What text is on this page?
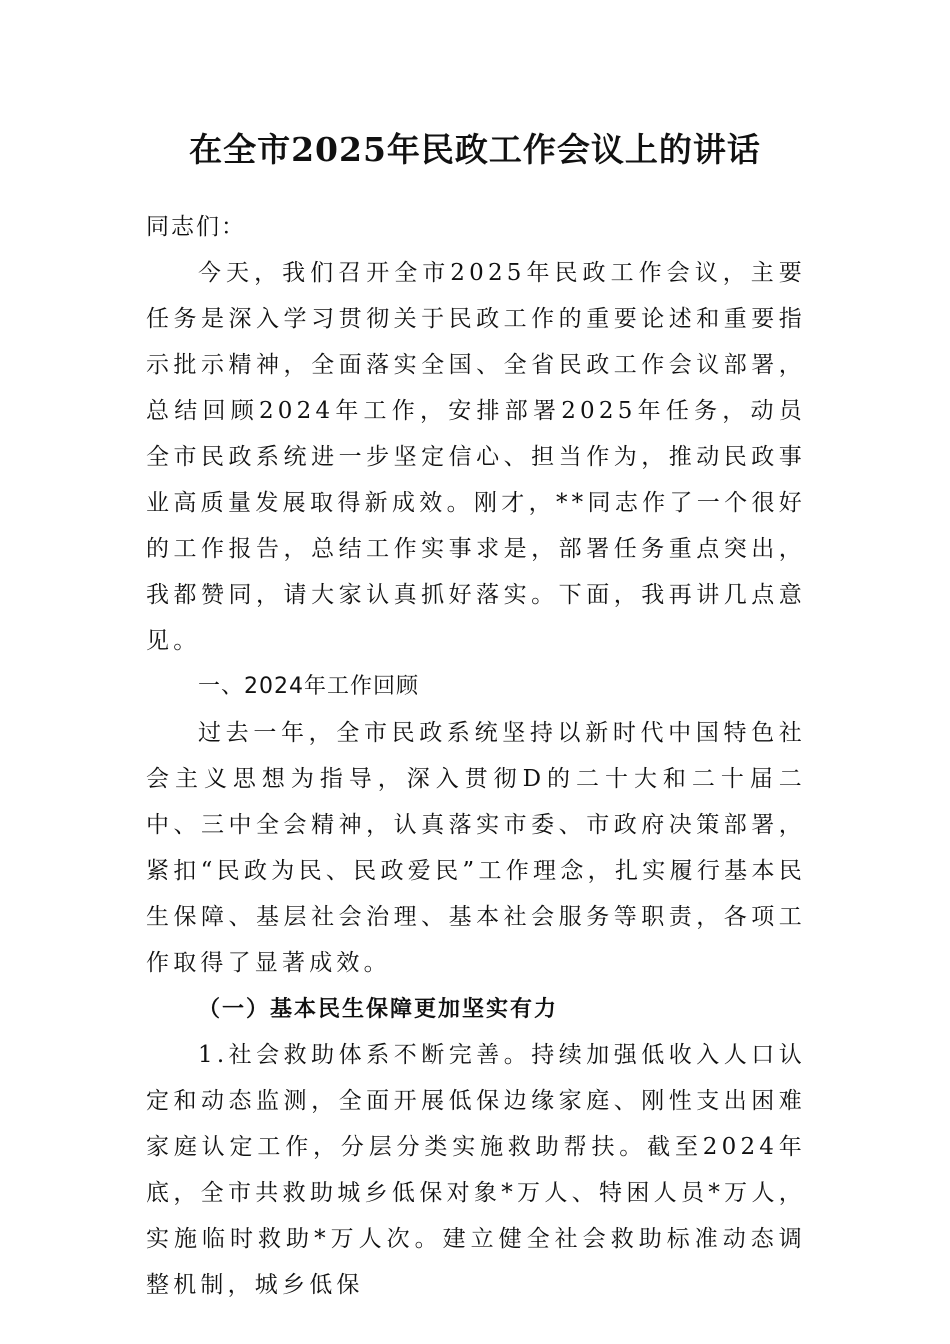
在全市2025年民政工作会议上的讲话

同志们：

今天，我们召开全市2025年民政工作会议，主要任务是深入学习贯彻关于民政工作的重要论述和重要指示批示精神，全面落实全国、全省民政工作会议部署，总结回顾2024年工作，安排部署2025年任务，动员全市民政系统进一步坚定信心、担当作为，推动民政事业高质量发展取得新成效。刚才，**同志作了一个很好的工作报告，总结工作实事求是，部署任务重点突出，我都赞同，请大家认真抓好落实。下面，我再讲几点意见。

一、2024年工作回顾

过去一年，全市民政系统坚持以新时代中国特色社会主义思想为指导，深入贯彻D的二十大和二十届二中、三中全会精神，认真落实市委、市政府决策部署，紧扣“民政为民、民政爱民”工作理念，扎实履行基本民生保障、基层社会治理、基本社会服务等职责，各项工作取得了显著成效。

（一）基本民生保障更加坚实有力

1.社会救助体系不断完善。持续加强低收入人口认定和动态监测，全面开展低保边缘家庭、刚性支出困难家庭认定工作，分层分类实施救助帮扶。截至2024年底，全市共救助城乡低保对象*万人、特困人员*万人，实施临时救助*万人次。建立健全社会救助标准动态调整机制，城乡低保
